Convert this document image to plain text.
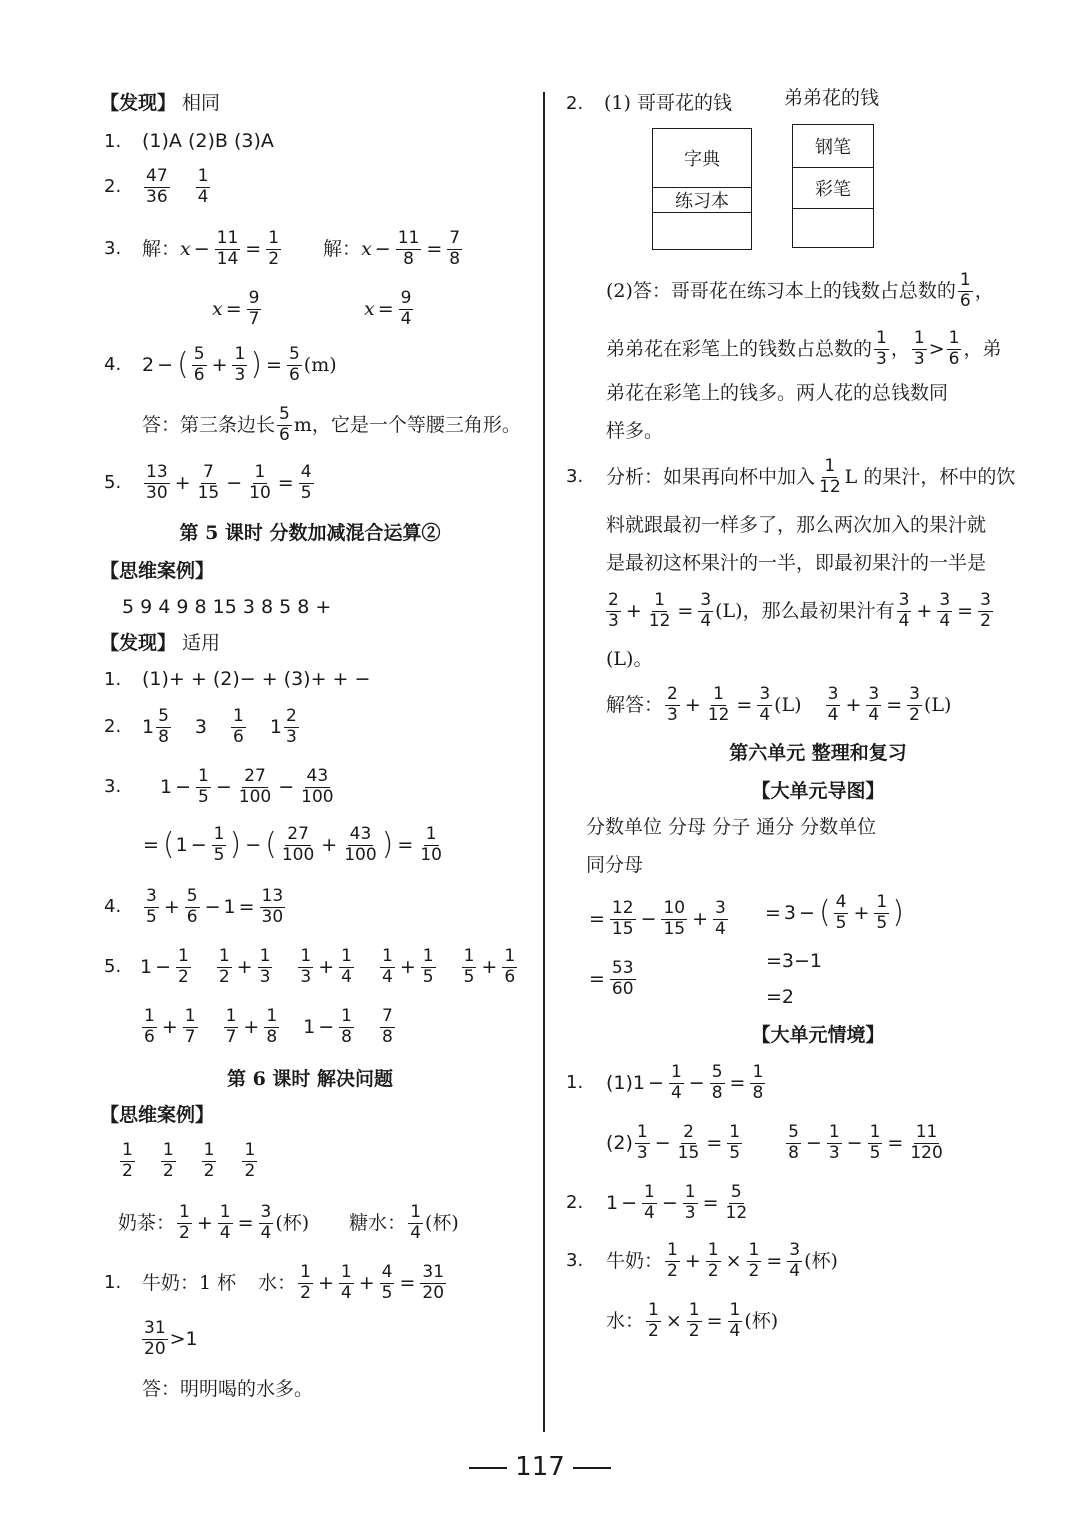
【发现】 相同
1.	(1)A (2)B (3)A
2.	$\frac{47}{36} \frac{1}{4}$
3.	解： $x - \frac{11}{14} = \frac{1}{2}$ 解： $x - \frac{11}{8} = \frac{7}{8}$
$x = \frac{9}{7}$	$x = \frac{9}{4}$
4.	2 − ( $\frac{5}{6} + \frac{1}{3}$ ) = $\frac{5}{6} (m)$
答：第三条边长 $\frac{5}{6}$ m，它是一个等腰三角形。
5.	$\frac{13}{30} + \frac{7}{15} - \frac{1}{10} = \frac{4}{5}$
第 5 课时 分数加减混合运算②
【思维案例】
5 9 4 9 8 15 3 8 5 8 +
【发现】 适用
1.	(1)+ + (2)− + (3)+ + −
2.	$1 \frac{5}{8} 3 \frac{1}{6} 1 \frac{2}{3}$
3.	$1 - \frac{1}{5} - \frac{27}{100} - \frac{43}{100}$
= ( $1 - \frac{1}{5}$ ) − ( $\frac{27}{100} + \frac{43}{100}$ ) = $\frac{1}{10}$
4.	$\frac{3}{5} + \frac{5}{6} - 1 = \frac{13}{30}$
5. $1 - \frac{1}{2} \frac{1}{2} + \frac{1}{3} \frac{1}{3} + \frac{1}{4} \frac{1}{4} + \frac{1}{5} \frac{1}{5} + \frac{1}{6}$
$\frac{1}{6} + \frac{1}{7} \frac{1}{7} + \frac{1}{8} 1 - \frac{1}{8} \frac{7}{8}$
第 6 课时 解决问题
【思维案例】
$\frac{1}{2} \frac{1}{2} \frac{1}{2} \frac{1}{2}$
奶茶： $\frac{1}{2} + \frac{1}{4} = \frac{3}{4}$ (杯) 糖水： $\frac{1}{4}$ (杯)
1.	牛奶：1 杯 水： $\frac{1}{2} + \frac{1}{4} + \frac{4}{5} = \frac{31}{20}$
$\frac{31}{20} >1$
答：明明喝的水多。
2.	(1) 哥哥花的钱	弟弟花的钱
字典
练习本
钢笔
彩笔
(2)答：哥哥花在练习本上的钱数占总数的 $\frac{1}{6}$ ，
弟弟花在彩笔上的钱数占总数的 $\frac{1}{3}$ ， $\frac{1}{3} > \frac{1}{6}$ ，弟
弟花在彩笔上的钱多。两人花的总钱数同
样多。
3.	分析：如果再向杯中加入 $\frac{1}{12}$ L 的果汁，杯中的饮
料就跟最初一样多了，那么两次加入的果汁就
是最初这杯果汁的一半，即最初果汁的一半是
$\frac{2}{3} + \frac{1}{12} = \frac{3}{4} (L)$，那么最初果汁有 $\frac{3}{4} + \frac{3}{4} = \frac{3}{2}$
(L)。
解答： $\frac{2}{3} + \frac{1}{12} = \frac{3}{4} (L) \frac{3}{4} + \frac{3}{4} = \frac{3}{2} (L)$
第六单元 整理和复习
【大单元导图】
分数单位 分母 分子 通分 分数单位
同分母
= $\frac{12}{15} - \frac{10}{15} + \frac{3}{4} = 3$ − ( $\frac{4}{5} + \frac{1}{5}$ )
=3−1
= $\frac{53}{60}$	=2
【大单元情境】
1.	$(1)1 - \frac{1}{4} - \frac{5}{8} = \frac{1}{8}$
$(2) \frac{1}{3} - \frac{2}{15} = \frac{1}{5}$	$\frac{5}{8} - \frac{1}{3} - \frac{1}{5} = \frac{11}{120}$
2.	$1 - \frac{1}{4} - \frac{1}{3} = \frac{5}{12}$
3.	牛奶： $\frac{1}{2} + \frac{1}{2} \times \frac{1}{2} = \frac{3}{4}$ (杯)
水： $\frac{1}{2} \times \frac{1}{2} = \frac{1}{4}$ (杯)
117
